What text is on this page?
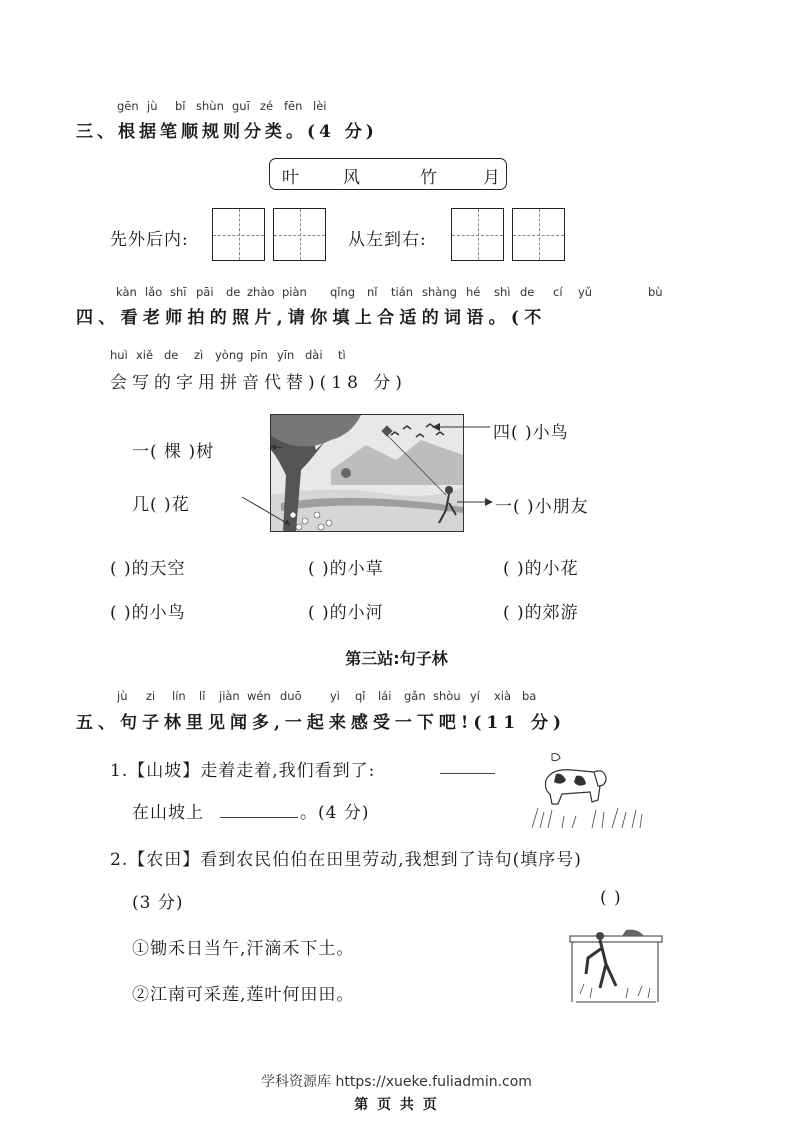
gēn jù bǐ shùn guī zé fēn lèi
三、根据笔顺规则分类。(4 分)
叶	风	竹	月
先外后内:	从左到右:
kàn lǎo shī pāi de zhào piàn qǐng nǐ tián shàng hé shì de cí yǔ	bù
四、看老师拍的照片,请你填上合适的词语。(不
huì xiě de zì yòng pīn yīn dài tì
会写的字用拼音代替)(18 分)
一( 棵 )树
几( )花
四( )小鸟
一( )小朋友
( )的天空	( )的小草	( )的小花
( )的小鸟	( )的小河	( )的郊游
第三站:句子林
jù zi lín lǐ jiàn wén duō yì qǐ lái gǎn shòu yí xià ba
五、句子林里见闻多,一起来感受一下吧!(11 分)
1.【山坡】走着走着,我们看到了:
在山坡上	。(4 分)
2.【农田】看到农民伯伯在田里劳动,我想到了诗句(填序号)
(3 分)	( )
①锄禾日当午,汗滴禾下土。
②江南可采莲,莲叶何田田。
学科资源库 https://xueke.fuliadmin.com
第 页 共 页
